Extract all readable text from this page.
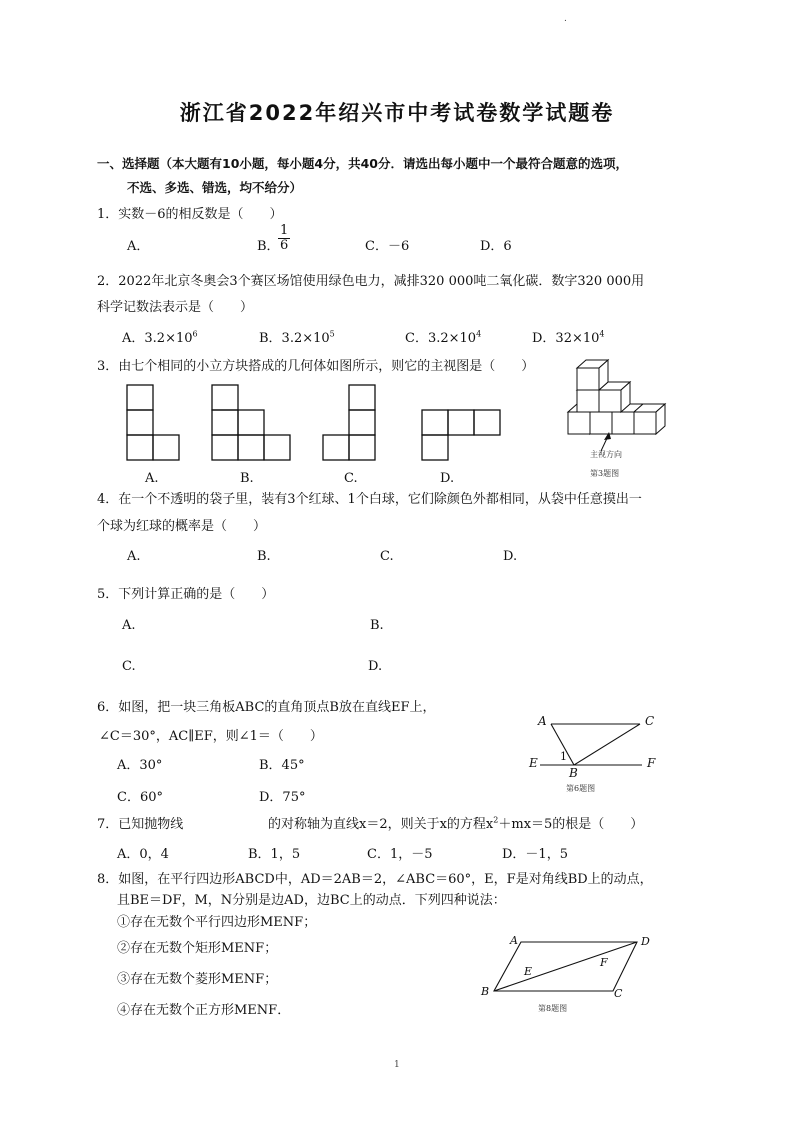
浙江省2022年绍兴市中考试卷数学试题卷
.
一、选择题（本大题有10小题，每小题4分，共40分．请选出每小题中一个最符合题意的选项，
不选、多选、错选，均不给分）
1．实数－6的相反数是（　　）
A．	B．
$\frac{1}{6}$	C．－6	D．6
2．2022年北京冬奥会3个赛区场馆使用绿色电力，减排320 000吨二氧化碳．数字320 000用
科学记数法表示是（　　）
A．$3.2\times 10^6$	B．$3.2\times 10^5$	C．$3.2\times 10^4$	D．$32\times 10^4$
3．由七个相同的小立方块搭成的几何体如图所示，则它的主视图是（　　）
A.	B.	C.	D.
主视方向
第3题图
4．在一个不透明的袋子里，装有3个红球、1个白球，它们除颜色外都相同，从袋中任意摸出一
个球为红球的概率是（　　）
A.	B.	C.	D.
5．下列计算正确的是（　　）
A.	B.
C.	D.
6．如图，把一块三角板ABC的直角顶点B放在直线EF上，
∠C＝30°，AC∥EF，则∠1＝（　　）
A．30°	B．45°
C．60°	D．75°
A	C
E	F
B
1
第6题图
7．已知抛物线	的对称轴为直线x＝2，则关于x的方程$x^2+mx=5$的根是（　　）
A．0，4	B．1，5	C．1，－5	D．－1，5
8．如图，在平行四边形ABCD中，AD＝2AB＝2，∠ABC＝60°，E，F是对角线BD上的动点，
且BE＝DF，M，N分别是边AD，边BC上的动点．下列四种说法：
①存在无数个平行四边形MENF；
②存在无数个矩形MENF；
③存在无数个菱形MENF；
④存在无数个正方形MENF．
A	D
B	C
E
F
第8题图
1
